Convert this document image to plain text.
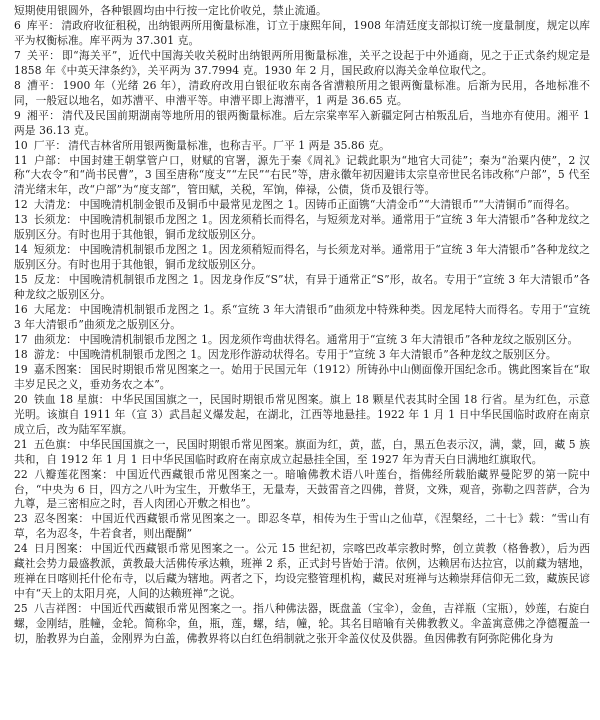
短期使用银圆外，各种银圆均由中行按一定比价收兑，禁止流通。

6 库平： 清政府收征租税，出纳银两所用衡量标准，订立于康熙年间，1908 年清廷度支部拟订统一度量制度，规定以库平为权衡标准。库平两为 37.301 克。

7 关平： 即“海关平”，近代中国海关收关税时出纳银两所用衡量标准，关平之设起于中外通商，见之于正式条约规定是 1858 年《中英天津条约》，关平两为 37.7994 克。1930 年 2 月，国民政府以海关金单位取代之。

8 漕平： 1900 年（光绪 26 年），清政府改用白银征收东南各省漕粮所用之银两衡量标准。后渐为民用，各地标准不同，一般冠以地名，如苏漕平、申漕平等。申漕平即上海漕平，1 两是 36.65 克。

9 湘平： 清代及民国前期湖南等地所用的银两衡量标准。后左宗棠率军入新疆定阿古柏叛乱后，当地亦有使用。湘平 1 两是 36.13 克。

10 厂平： 清代吉林省所用银两衡量标准，也称吉平。厂平 1 两是 35.86 克。

11 户部： 中国封建王朝掌管户口，财赋的官署，源先于秦《周礼》记载此职为“地官大司徒”；秦为“治粟内使”，2 汉称“大农令”和“尚书民曹”，3 国至唐称“度支”“左民”“右民”等，唐永徽年初因避讳太宗皇帝世民名讳改称“户部”，5 代至清光绪末年，改“户部”为“度支部”，管田赋，关税，军饷，俸禄，公债，货币及银行等。

12 大清龙： 中国晚清机制金银币及铜币中最常见龙图之 1。因铸币正面镌“大清金币”“大清银币”“大清铜币”而得名。

13 长须龙： 中国晚清机制银币龙图之 1。因龙须稍长而得名，与短须龙对举。通常用于“宣统 3 年大清银币”各种龙纹之版别区分。有时也用于其他银，铜币龙纹版别区分。

14 短须龙： 中国晚清机制银币龙图之 1。因龙须稍短而得名，与长须龙对举。通常用于“宣统 3 年大清银币”各种龙纹之版别区分。有时也用于其他银，铜币龙纹版别区分。

15 反龙： 中国晚清机制银币龙图之 1。因龙身作反“S”状，有异于通常正“S”形，故名。专用于“宣统 3 年大清银币”各种龙纹之版别区分。

16 大尾龙： 中国晚清机制银币龙图之 1。系“宣统 3 年大清银币”曲须龙中特殊种类。因龙尾特大而得名。专用于“宣统 3 年大清银币”曲须龙之版别区分。

17 曲须龙： 中国晚清机制银币龙图之 1。因龙须作弯曲状得名。通常用于“宣统 3 年大清银币”各种龙纹之版别区分。

18 游龙： 中国晚清机制银币龙图之 1。因龙形作游动状得名。专用于“宣统 3 年大清银币”各种龙纹之版别区分。

19 嘉禾图案： 国民时期银币常见图案之一。始用于民国元年（1912）所铸孙中山侧面像开国纪念币。镌此图案旨在“取丰岁足民之义，垂劝务农之本”。

20 铁血 18 星旗： 中华民国国旗之一，民国时期银币常见图案。旗上 18 颗星代表其时全国 18 行省。星为红色，示意光明。该旗自 1911 年（宣 3）武昌起义爆发起，在湖北，江西等地悬挂。1922 年 1 月 1 日中华民国临时政府在南京成立后，改为陆军军旗。

21 五色旗： 中华民国国旗之一，民国时期银币常见图案。旗面为红，黄，蓝，白，黑五色表示汉，满，蒙，回，藏 5 族共和，自 1912 年 1 月 1 日中华民国临时政府在南京成立起悬挂全国，至 1927 年为青天白日满地红旗取代。

22 八瓣莲花图案： 中国近代西藏银币常见图案之一。暗喻佛教术语八叶莲台，指佛经所载胎藏界曼陀罗的第一院中台，“中央为 6 日，四方之八叶为宝生，开敷华王，无量寿，天鼓雷音之四佛，普贤，文殊，观音，弥勒之四菩萨，合为九尊，是三密相应之时，吾人肉团心开敷之相也”。

23 忍冬图案： 中国近代西藏银币常见图案之一。即忍冬草，相传为生于雪山之仙草，《涅槃经，二十七》载：“雪山有草，名为忍冬，牛若食者，则出醍醐”

24 日月图案： 中国近代西藏银币常见图案之一。公元 15 世纪初，宗喀巴改革宗教时弊，创立黄教（格鲁教），后为西藏社会势力最盛教派，黄教最大活佛传承达赖，班禅 2 系，正式封号皆始于清。依例，达赖居布达拉宫，以前藏为辖地，班禅在日喀则托什伦布寺，以后藏为辖地。两者之下，均设完整管理机构，藏民对班禅与达赖崇拜信仰无二致，藏族民谚中有“天上的太阳月亮，人间的达赖班禅”之说。

25 八吉祥图： 中国近代西藏银币常见图案之一。指八种佛法器，既盘盖（宝伞），金鱼，吉祥瓶（宝瓶），妙莲，右旋白螺，金刚结，胜幢，金轮。简称伞，鱼，瓶，莲，螺，结，幢，轮。其名目暗喻有关佛教教义。伞盖寓意佛之净德覆盖一切，胎教界为白盖，金刚界为白盖，佛教界将以白红色绢制就之张开伞盖仪仗及供器。鱼因佛教有阿弥陀佛化身为
